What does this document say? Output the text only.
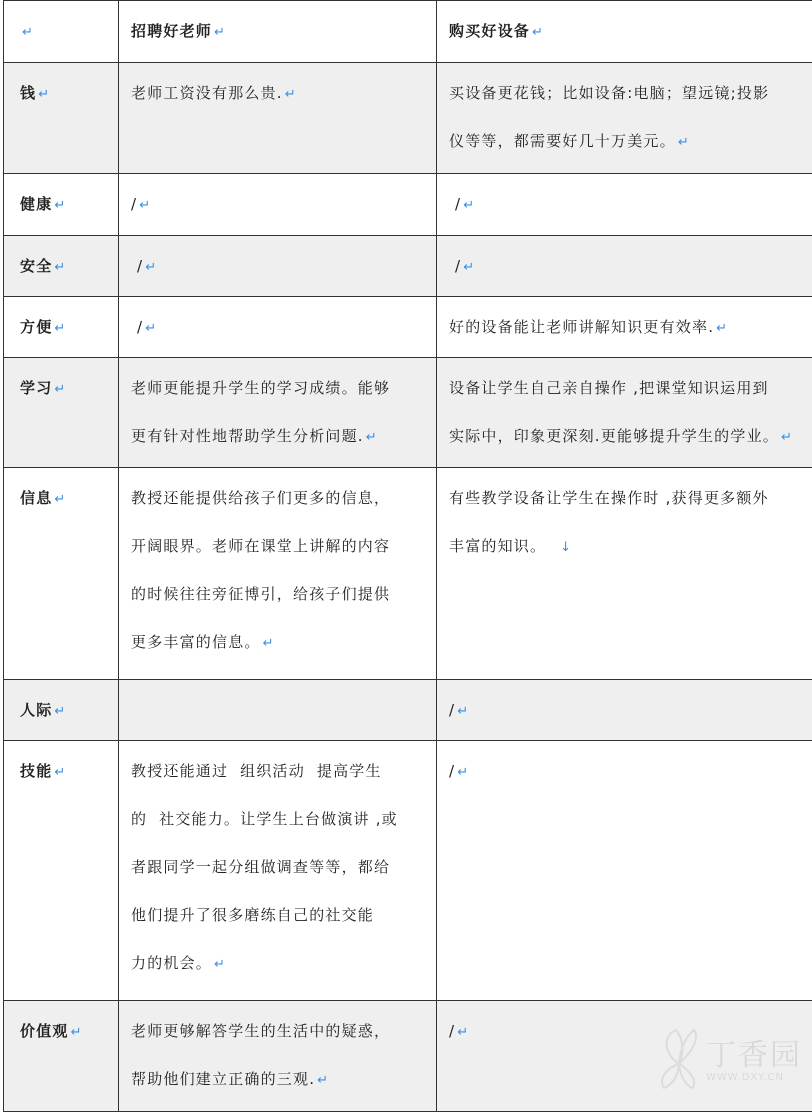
↵	招聘好老师 ↵	购买好设备 ↵

钱 ↵	老师工资没有那么贵. ↵	买设备更花钱；比如设备:电脑；望远镜;投影
仪等等，都需要好几十万美元。 ↵

健康 ↵	/ ↵	/ ↵

安全 ↵	/ ↵	/ ↵

方便 ↵	/ ↵	好的设备能让老师讲解知识更有效率. ↵

学习 ↵	老师更能提升学生的学习成绩。能够
更有针对性地帮助学生分析问题. ↵	设备让学生自己亲自操作 ,把课堂知识运用到
实际中，印象更深刻.更能够提升学生的学业。 ↵

信息 ↵	教授还能提供给孩子们更多的信息，
开阔眼界。老师在课堂上讲解的内容
的时候往往旁征博引，给孩子们提供
更多丰富的信息。 ↵	有些教学设备让学生在操作时 ,获得更多额外
丰富的知识。 ↓

人际 ↵		/ ↵

技能 ↵	教授还能通过  组织活动  提高学生
的  社交能力。让学生上台做演讲 ,或
者跟同学一起分组做调查等等，都给
他们提升了很多磨练自己的社交能
力的机会。 ↵	/ ↵

价值观 ↵	老师更够解答学生的生活中的疑惑，
帮助他们建立正确的三观. ↵	/ ↵
